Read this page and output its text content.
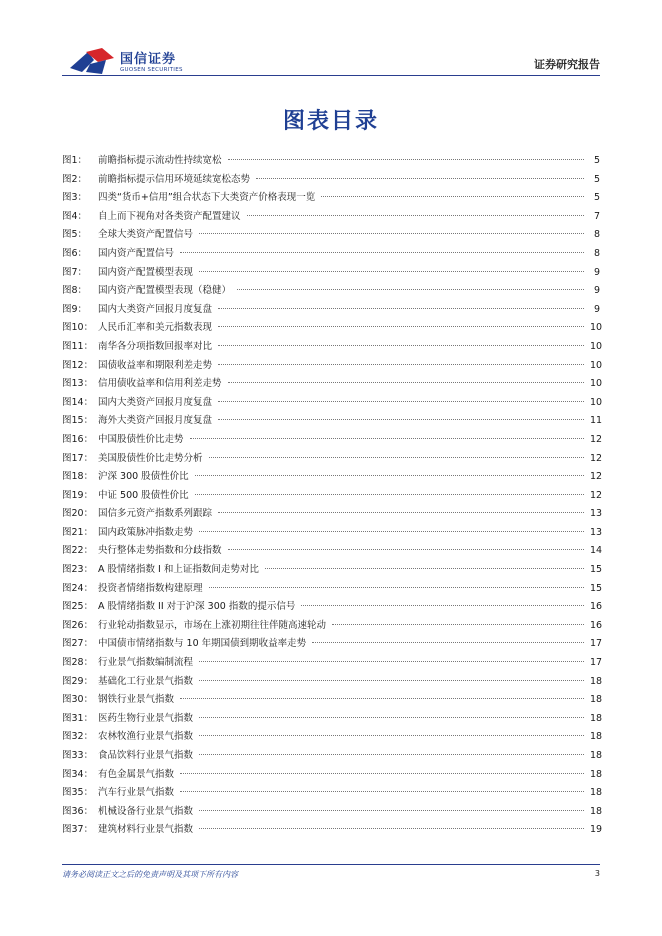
国信证券
GUOSEN SECURITIES	证券研究报告
图表目录
图1：	前瞻指标提示流动性持续宽松	5
图2：	前瞻指标提示信用环境延续宽松态势	5
图3：	四类“货币+信用”组合状态下大类资产价格表现一览	5
图4：	自上而下视角对各类资产配置建议	7
图5：	全球大类资产配置信号	8
图6：	国内资产配置信号	8
图7：	国内资产配置模型表现	9
图8：	国内资产配置模型表现（稳健）	9
图9：	国内大类资产回报月度复盘	9
图10： 人民币汇率和美元指数表现	10
图11： 南华各分项指数回报率对比	10
图12： 国债收益率和期限利差走势	10
图13： 信用债收益率和信用利差走势	10
图14： 国内大类资产回报月度复盘	10
图15： 海外大类资产回报月度复盘	11
图16： 中国股债性价比走势	12
图17： 美国股债性价比走势分析	12
图18： 沪深 300 股债性价比	12
图19： 中证 500 股债性价比	12
图20： 国信多元资产指数系列跟踪	13
图21： 国内政策脉冲指数走势	13
图22： 央行整体走势指数和分歧指数	14
图23： A 股情绪指数 I 和上证指数间走势对比	15
图24： 投资者情绪指数构建原理	15
图25： A 股情绪指数 II 对于沪深 300 指数的提示信号	16
图26： 行业轮动指数显示，市场在上涨初期往往伴随高速轮动	16
图27： 中国债市情绪指数与 10 年期国债到期收益率走势	17
图28： 行业景气指数编制流程	17
图29： 基础化工行业景气指数	18
图30： 钢铁行业景气指数	18
图31： 医药生物行业景气指数	18
图32： 农林牧渔行业景气指数	18
图33： 食品饮料行业景气指数	18
图34： 有色金属景气指数	18
图35： 汽车行业景气指数	18
图36： 机械设备行业景气指数	18
图37： 建筑材料行业景气指数	19
请务必阅读正文之后的免责声明及其项下所有内容	3
